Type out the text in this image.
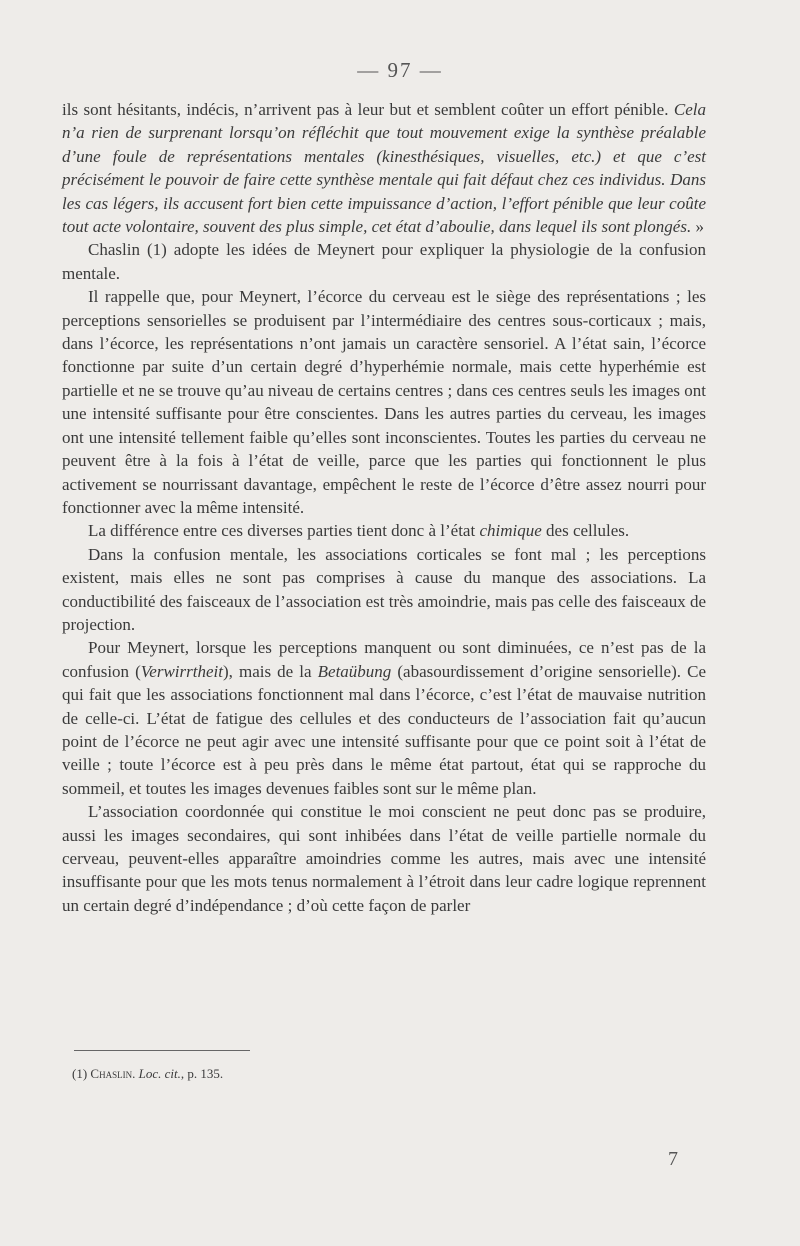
— 97 —

ils sont hésitants, indécis, n’arrivent pas à leur but et semblent coûter un effort pénible. Cela n’a rien de surprenant lorsqu’on réfléchit que tout mouvement exige la synthèse préalable d’une foule de représentations mentales (kinesthésiques, visuelles, etc.) et que c’est précisément le pouvoir de faire cette synthèse mentale qui fait défaut chez ces individus. Dans les cas légers, ils accusent fort bien cette impuissance d’action, l’effort pénible que leur coûte tout acte volontaire, souvent des plus simple, cet état d’aboulie, dans lequel ils sont plongés. »

Chaslin (1) adopte les idées de Meynert pour expliquer la physiologie de la confusion mentale.

Il rappelle que, pour Meynert, l’écorce du cerveau est le siège des représentations ; les perceptions sensorielles se produisent par l’intermédiaire des centres sous-corticaux ; mais, dans l’écorce, les représentations n’ont jamais un caractère sensoriel. A l’état sain, l’écorce fonctionne par suite d’un certain degré d’hyperhémie normale, mais cette hyperhémie est partielle et ne se trouve qu’au niveau de certains centres ; dans ces centres seuls les images ont une intensité suffisante pour être conscientes. Dans les autres parties du cerveau, les images ont une intensité tellement faible qu’elles sont inconscientes. Toutes les parties du cerveau ne peuvent être à la fois à l’état de veille, parce que les parties qui fonctionnent le plus activement se nourrissant davantage, empêchent le reste de l’écorce d’être assez nourri pour fonctionner avec la même intensité.

La différence entre ces diverses parties tient donc à l’état chimique des cellules.

Dans la confusion mentale, les associations corticales se font mal ; les perceptions existent, mais elles ne sont pas comprises à cause du manque des associations. La conductibilité des faisceaux de l’association est très amoindrie, mais pas celle des faisceaux de projection.

Pour Meynert, lorsque les perceptions manquent ou sont diminuées, ce n’est pas de la confusion (Verwirrtheit), mais de la Betaübung (abasourdissement d’origine sensorielle). Ce qui fait que les associations fonctionnent mal dans l’écorce, c’est l’état de mauvaise nutrition de celle-ci. L’état de fatigue des cellules et des conducteurs de l’association fait qu’aucun point de l’écorce ne peut agir avec une intensité suffisante pour que ce point soit à l’état de veille ; toute l’écorce est à peu près dans le même état partout, état qui se rapproche du sommeil, et toutes les images devenues faibles sont sur le même plan.

L’association coordonnée qui constitue le moi conscient ne peut donc pas se produire, aussi les images secondaires, qui sont inhibées dans l’état de veille partielle normale du cerveau, peuvent-elles apparaître amoindries comme les autres, mais avec une intensité insuffisante pour que les mots tenus normalement à l’étroit dans leur cadre logique reprennent un certain degré d’indépendance ; d’où cette façon de parler

(1) Chaslin. Loc. cit., p. 135.
7
